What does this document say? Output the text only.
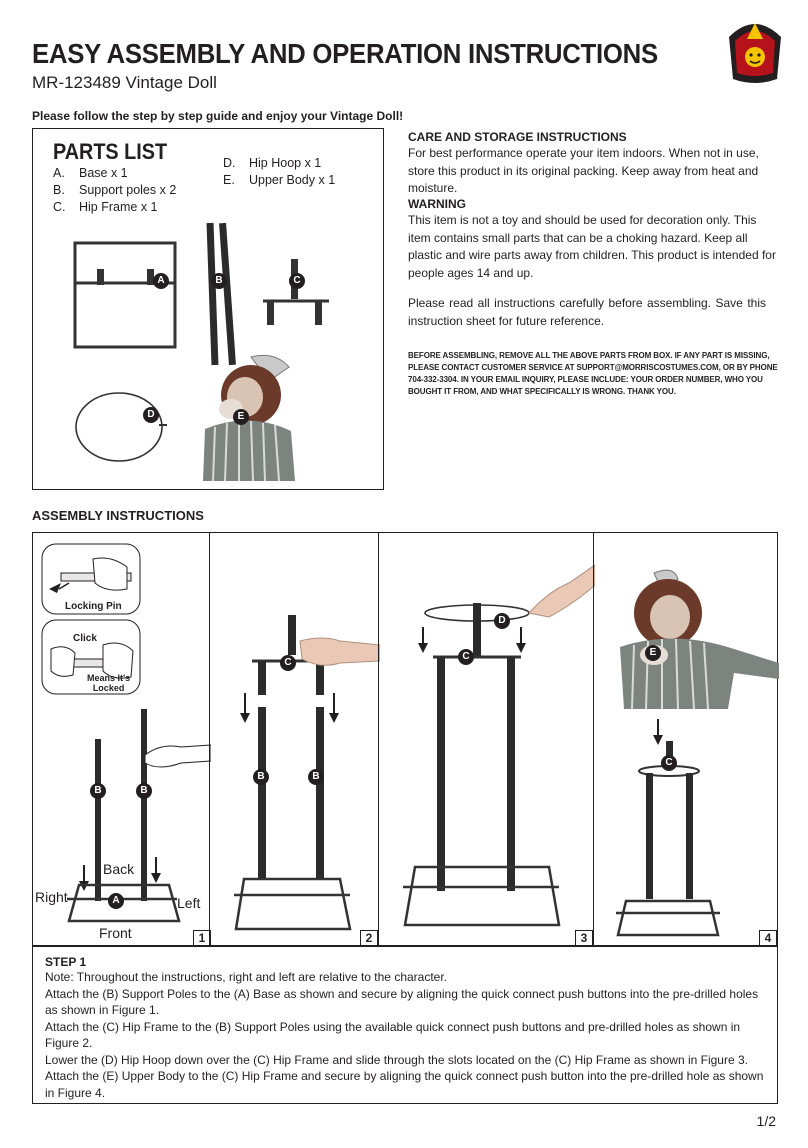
EASY ASSEMBLY AND OPERATION INSTRUCTIONS
MR-123489 Vintage Doll
Please follow the step by step guide and enjoy your Vintage Doll!
PARTS LIST
A. Base x 1
B. Support poles x 2
C. Hip Frame x 1
D. Hip Hoop x 1
E. Upper Body x 1
A	B	C
D	E
CARE AND STORAGE INSTRUCTIONS
For best performance operate your item indoors. When not in use, store this product in its original packing. Keep away from heat and moisture.
WARNING
This item is not a toy and should be used for decoration only. This item contains small parts that can be a choking hazard. Keep all plastic and wire parts away from children. This product is intended for people ages 14 and up.
Please read all instructions carefully before assembling. Save this instruction sheet for future reference.
BEFORE ASSEMBLING, REMOVE ALL THE ABOVE PARTS FROM BOX. IF ANY PART IS MISSING, PLEASE CONTACT CUSTOMER SERVICE AT SUPPORT@MORRISCOSTUMES.COM, OR BY PHONE 704-332-3304. IN YOUR EMAIL INQUIRY, PLEASE INCLUDE: YOUR ORDER NUMBER, WHO YOU BOUGHT IT FROM, AND WHAT SPECIFICALLY IS WRONG. THANK YOU.
ASSEMBLY INSTRUCTIONS
Locking Pin
Click
Means It's
Locked
B	B
A
Back
Right	Left
Front	1
C
B	B
2
D
C
3
E
C
4
STEP 1
Note: Throughout the instructions, right and left are relative to the character.
Attach the (B) Support Poles to the (A) Base as shown and secure by aligning the quick connect push buttons into the pre-drilled holes as shown in Figure 1.
Attach the (C) Hip Frame to the (B) Support Poles using the available quick connect push buttons and pre-drilled holes as shown in Figure 2.
Lower the (D) Hip Hoop down over the (C) Hip Frame and slide through the slots located on the (C) Hip Frame as shown in Figure 3.
Attach the (E) Upper Body to the (C) Hip Frame and secure by aligning the quick connect push button into the pre-drilled hole as shown in Figure 4.
1/2
